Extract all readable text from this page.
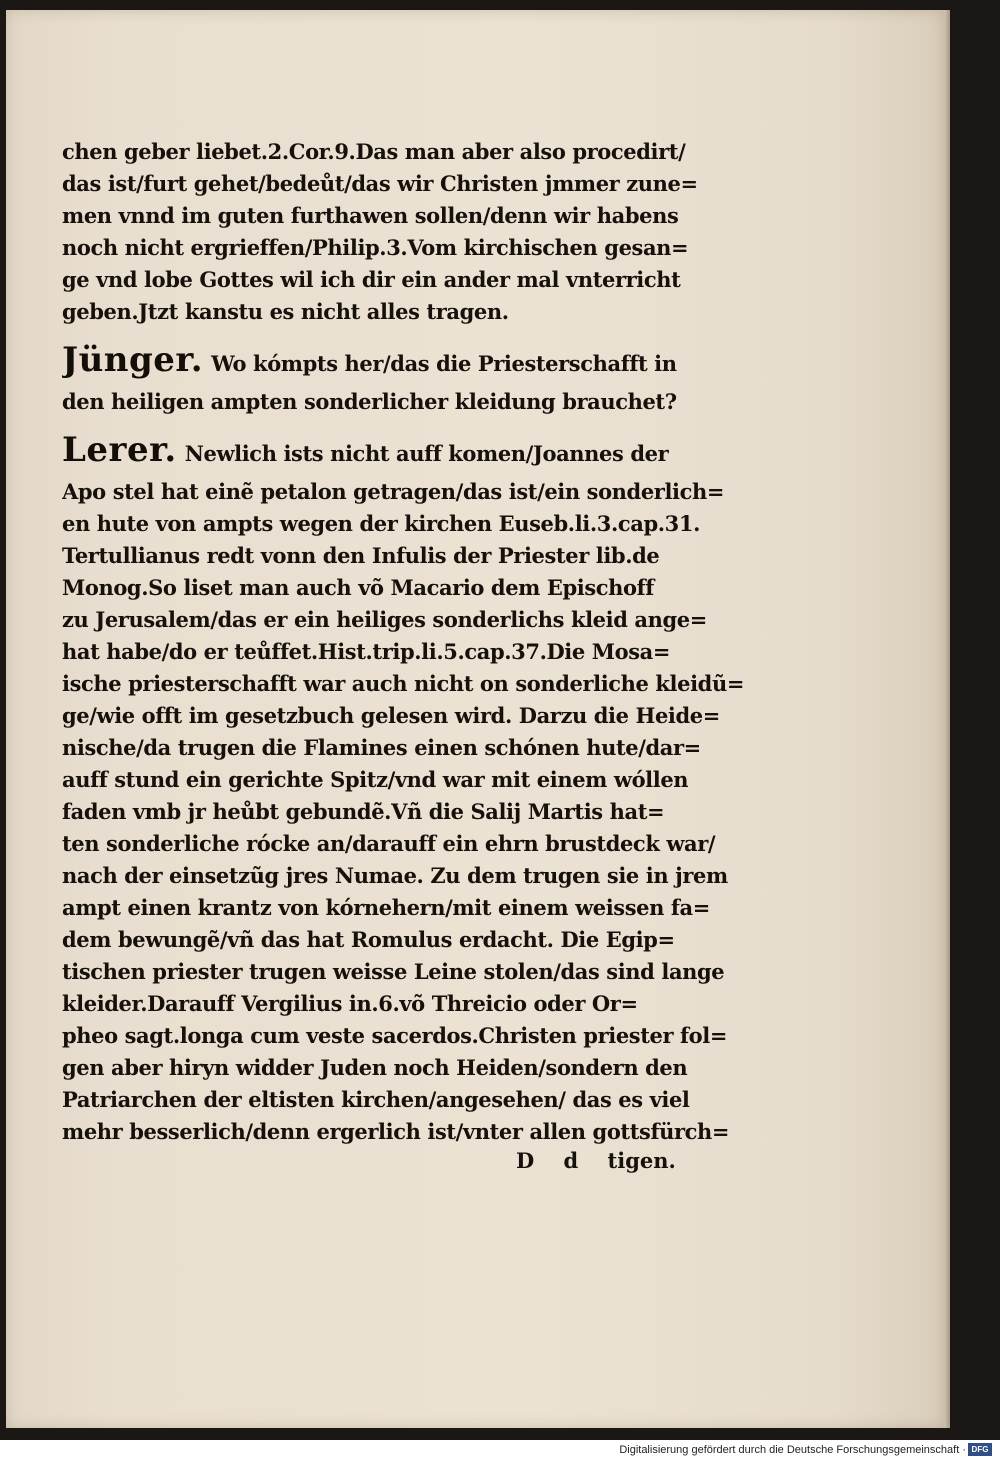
chen geber liebet.2.Cor.9.Das man aber also procedirt/
das ist/furt gehet/bedeůt/das wir Christen jmmer zune=
men vnnd im guten furthawen sollen/denn wir habens
noch nicht ergrieffen/Philip.3.Vom kirchischen gesan=
ge vnd lobe Gottes wil ich dir ein ander mal vnterricht
geben.Jtzt kanstu es nicht alles tragen.
Jünger. Wo kómpts her/das die Priesterschafft in
den heiligen ampten sonderlicher kleidung brauchet?
Lerer. Newlich ists nicht auff komen/Joannes der
Apo stel hat einẽ petalon getragen/das ist/ein sonderlich=
en hute von ampts wegen der kirchen Euseb.li.3.cap.31.
Tertullianus redt vonn den Infulis der Priester lib.de
Monog.So liset man auch võ Macario dem Epischoff
zu Jerusalem/das er ein heiliges sonderlichs kleid ange=
hat habe/do er teůffet.Hist.trip.li.5.cap.37.Die Mosa=
ische priesterschafft war auch nicht on sonderliche kleidũ=
ge/wie offt im gesetzbuch gelesen wird. Darzu die Heide=
nische/da trugen die Flamines einen schónen hute/dar=
auff stund ein gerichte Spitz/vnd war mit einem wóllen
faden vmb jr heůbt gebundẽ.Vñ die Salij Martis hat=
ten sonderliche rócke an/darauff ein ehrn brustdeck war/
nach der einsetzũg jres Numae. Zu dem trugen sie in jrem
ampt einen krantz von kórnehern/mit einem weissen fa=
dem bewungẽ/vñ das hat Romulus erdacht. Die Egip=
tischen priester trugen weisse Leine stolen/das sind lange
kleider.Darauff Vergilius in.6.võ Threicio oder Or=
pheo sagt.longa cum veste sacerdos.Christen priester fol=
gen aber hiryn widder Juden noch Heiden/sondern den
Patriarchen der eltisten kirchen/angesehen/ das es viel
mehr besserlich/denn ergerlich ist/vnter allen gottsfürch=
D d tigen.
Digitalisierung gefördert durch die Deutsche Forschungsgemeinschaft · DFG
